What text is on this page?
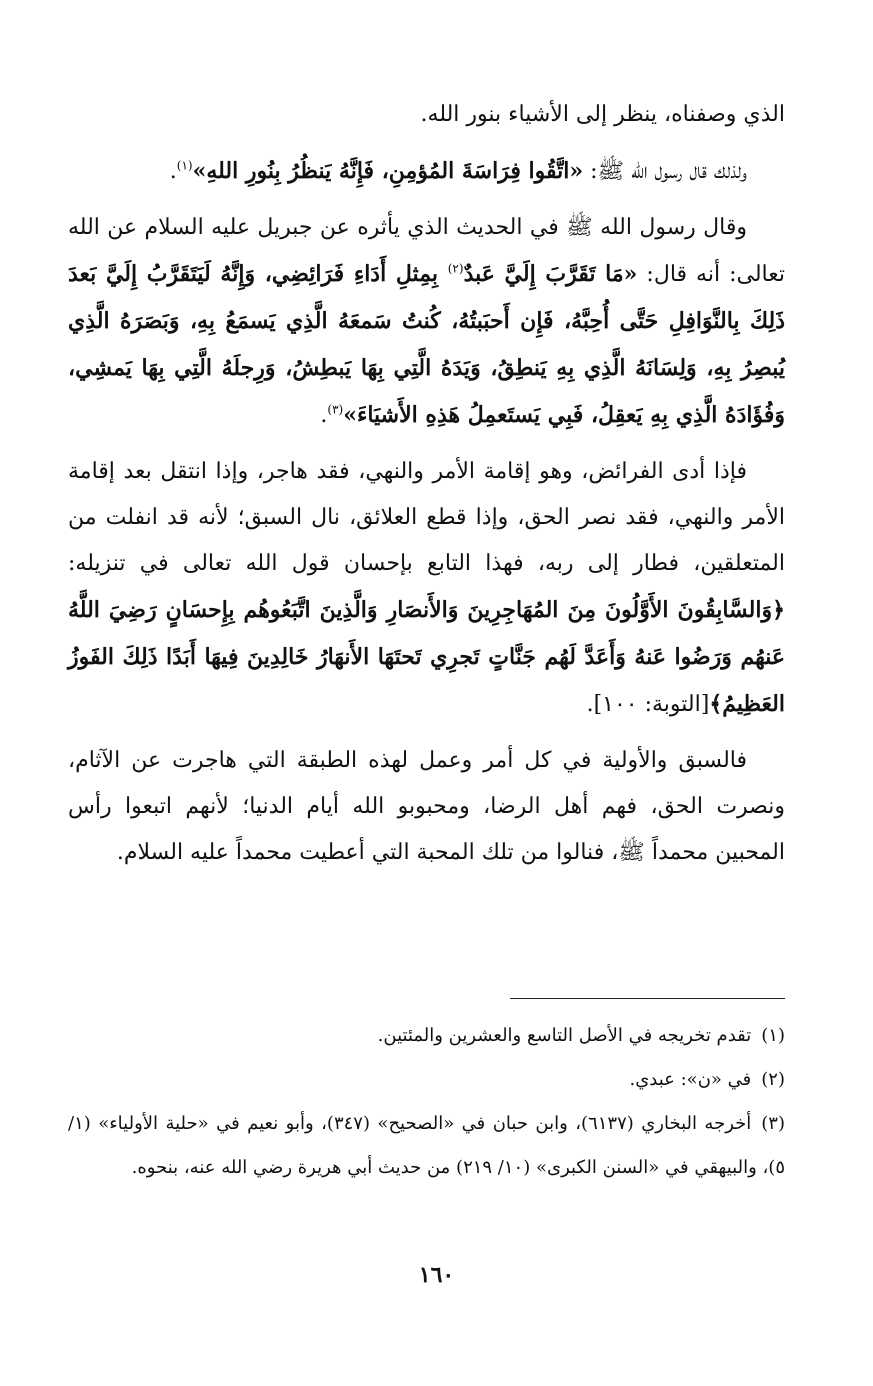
الذي وصفناه، ينظر إلى الأشياء بنور الله.

ولذلك قال رسول الله ﷺ: «اتَّقُوا فِرَاسَةَ المُؤمِنِ، فَإِنَّهُ يَنظُرُ بِنُورِ اللهِ»$^{(١)}$.

وقال رسول الله ﷺ في الحديث الذي يأثره عن جبريل عليه السلام عن الله تعالى: أنه قال: «مَا تَقَرَّبَ إِلَيَّ عَبدٌ$^{(٢)}$ بِمِثلِ أَدَاءِ فَرَائِضِي، وَإِنَّهُ لَيَتَقَرَّبُ إِلَيَّ بَعدَ ذَلِكَ بِالنَّوَافِلِ حَتَّى أُحِبَّهُ، فَإِن أَحبَبتُهُ، كُنتُ سَمعَهُ الَّذِي يَسمَعُ بِهِ، وَبَصَرَهُ الَّذِي يُبصِرُ بِهِ، وَلِسَانَهُ الَّذِي بِهِ يَنطِقُ، وَيَدَهُ الَّتِي بِهَا يَبطِشُ، وَرِجلَهُ الَّتِي بِهَا يَمشِي، وَفُؤَادَهُ الَّذِي بِهِ يَعقِلُ، فَبِي يَستَعمِلُ هَذِهِ الأَشيَاءَ»$^{(٣)}$.

فإذا أدى الفرائض، وهو إقامة الأمر والنهي، فقد هاجر، وإذا انتقل بعد إقامة الأمر والنهي، فقد نصر الحق، وإذا قطع العلائق، نال السبق؛ لأنه قد انفلت من المتعلقين، فطار إلى ربه، فهذا التابع بإحسان قول الله تعالى في تنزيله: ﴿وَالسَّابِقُونَ الأَوَّلُونَ مِنَ المُهَاجِرِينَ وَالأَنصَارِ وَالَّذِينَ اتَّبَعُوهُم بِإِحسَانٍ رَضِيَ اللَّهُ عَنهُم وَرَضُوا عَنهُ وَأَعَدَّ لَهُم جَنَّاتٍ تَجرِي تَحتَهَا الأَنهَارُ خَالِدِينَ فِيهَا أَبَدًا ذَلِكَ الفَوزُ العَظِيمُ﴾[التوبة: ١٠٠].

فالسبق والأولية في كل أمر وعمل لهذه الطبقة التي هاجرت عن الآثام، ونصرت الحق، فهم أهل الرضا، ومحبوبو الله أيام الدنيا؛ لأنهم اتبعوا رأس المحبين محمداً ﷺ، فنالوا من تلك المحبة التي أعطيت محمداً عليه السلام.

(١)تقدم تخريجه في الأصل التاسع والعشرين والمئتين.

(٢)في «ن»: عبدي.

(٣)أخرجه البخاري (٦١٣٧)، وابن حبان في «الصحيح» (٣٤٧)، وأبو نعيم في «حلية الأولياء» (١/ ٥)، والبيهقي في «السنن الكبرى» (١٠/ ٢١٩) من حديث أبي هريرة رضي الله عنه، بنحوه.

١٦٠
